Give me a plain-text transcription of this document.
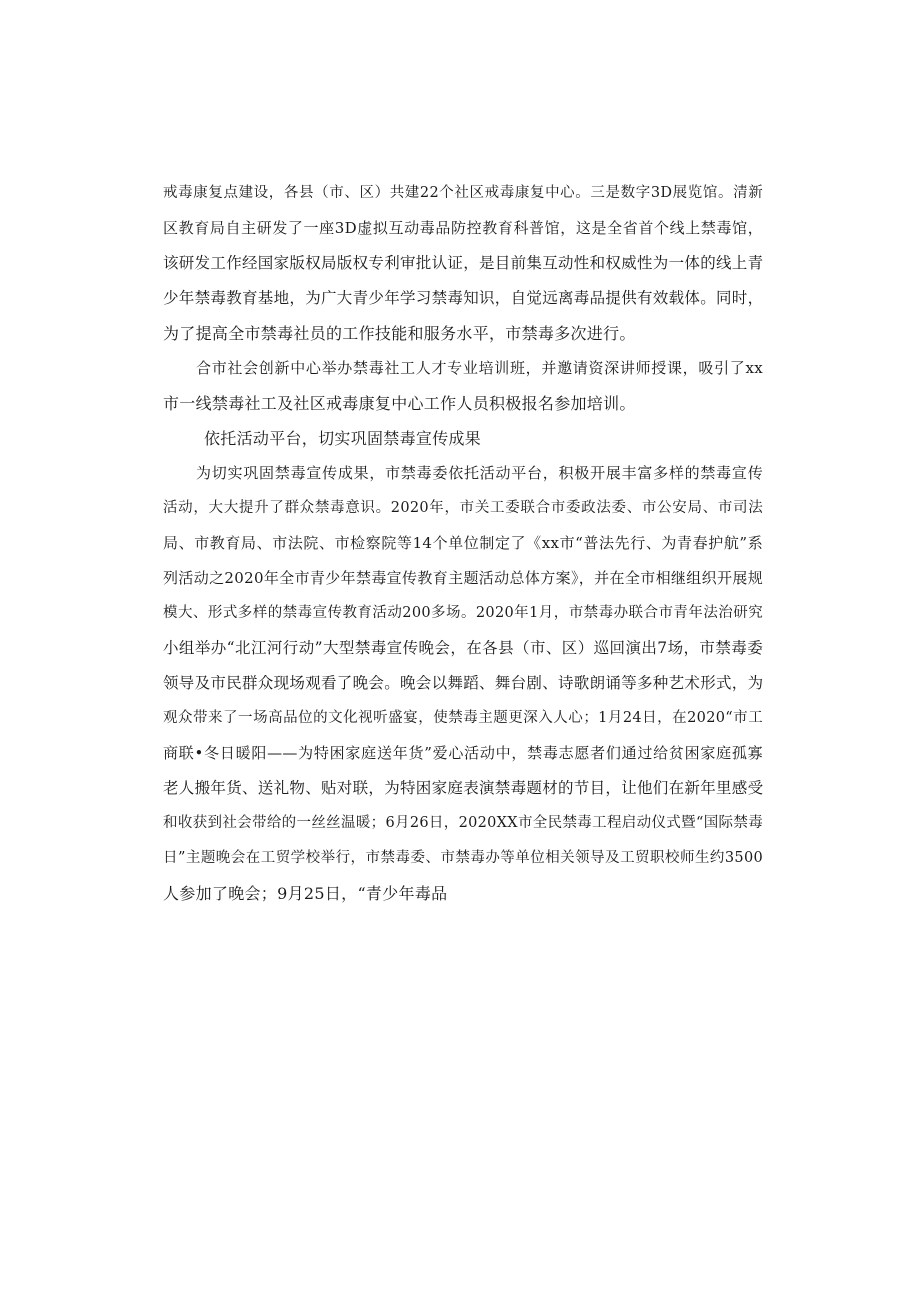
戒毒康复点建设，各县（市、区）共建22个社区戒毒康复中心。三是数字3D展览馆。清新
区教育局自主研发了一座3D虚拟互动毒品防控教育科普馆，这是全省首个线上禁毒馆，
该研发工作经国家版权局版权专利审批认证，是目前集互动性和权威性为一体的线上青
少年禁毒教育基地，为广大青少年学习禁毒知识，自觉远离毒品提供有效载体。同时，
为了提高全市禁毒社员的工作技能和服务水平，市禁毒多次进行。
合市社会创新中心举办禁毒社工人才专业培训班，并邀请资深讲师授课，吸引了xx
市一线禁毒社工及社区戒毒康复中心工作人员积极报名参加培训。
依托活动平台，切实巩固禁毒宣传成果
为切实巩固禁毒宣传成果，市禁毒委依托活动平台，积极开展丰富多样的禁毒宣传
活动，大大提升了群众禁毒意识。2020年，市关工委联合市委政法委、市公安局、市司法
局、市教育局、市法院、市检察院等14个单位制定了《xx市“普法先行、为青春护航”系
列活动之2020年全市青少年禁毒宣传教育主题活动总体方案》，并在全市相继组织开展规
模大、形式多样的禁毒宣传教育活动200多场。2020年1月，市禁毒办联合市青年法治研究
小组举办“北江河行动”大型禁毒宣传晚会，在各县（市、区）巡回演出7场，市禁毒委
领导及市民群众现场观看了晚会。晚会以舞蹈、舞台剧、诗歌朗诵等多种艺术形式，为
观众带来了一场高品位的文化视听盛宴，使禁毒主题更深入人心；1月24日，在2020“市工
商联•冬日暖阳——为特困家庭送年货”爱心活动中，禁毒志愿者们通过给贫困家庭孤寡
老人搬年货、送礼物、贴对联，为特困家庭表演禁毒题材的节目，让他们在新年里感受
和收获到社会带给的一丝丝温暖；6月26日，2020XX市全民禁毒工程启动仪式暨“国际禁毒
日”主题晚会在工贸学校举行，市禁毒委、市禁毒办等单位相关领导及工贸职校师生约3500
人参加了晚会；9月25日，“青少年毒品
